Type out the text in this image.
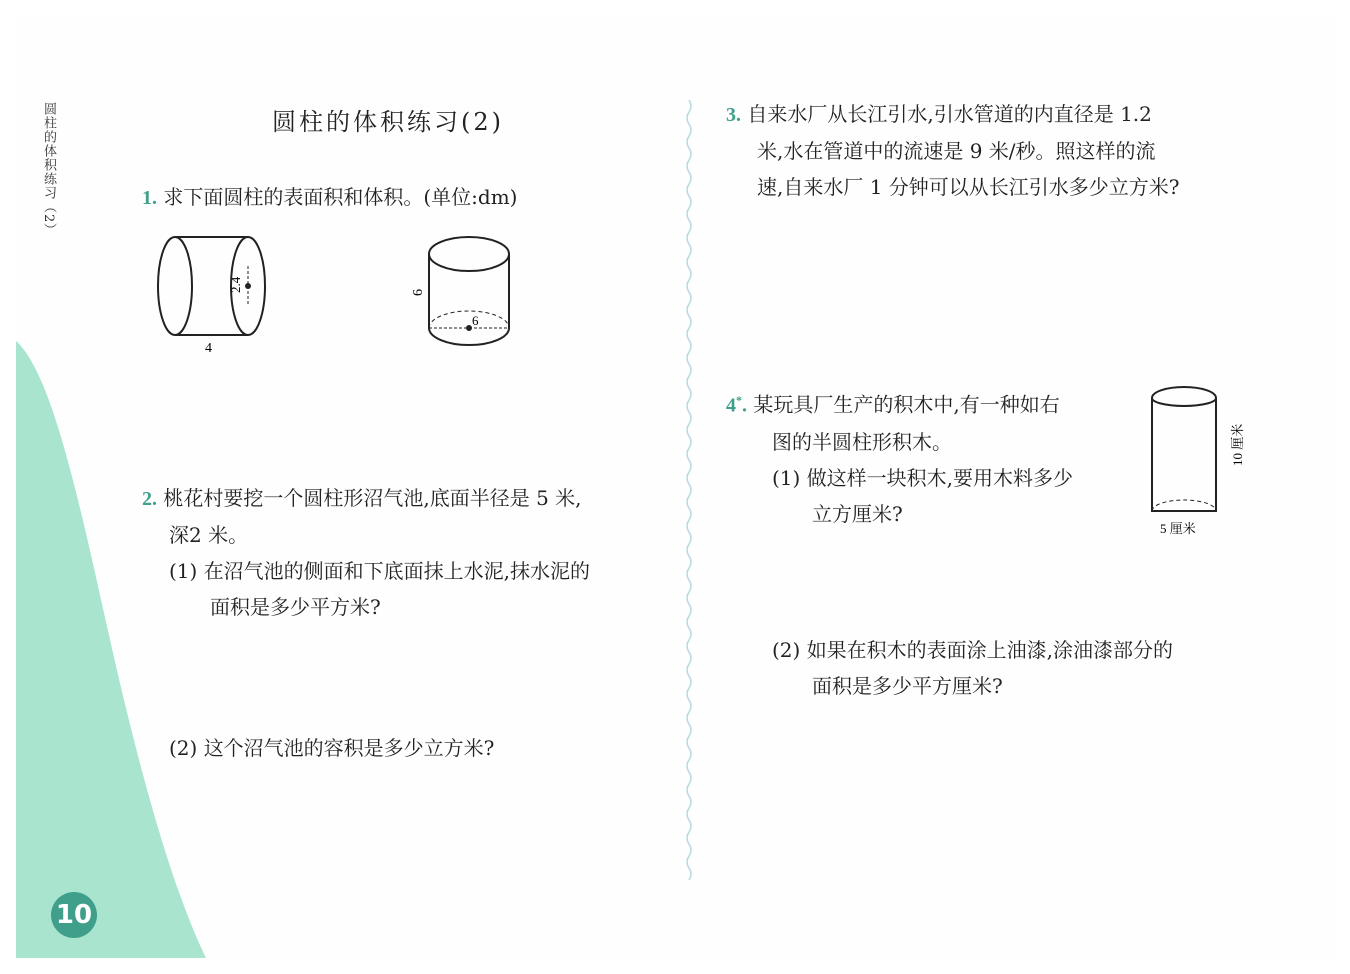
圆柱的体积练习（2）	圆柱的体积练习(2)
1. 求下面圆柱的表面积和体积。(单位:dm)
2.4
4
6
6
2. 桃花村要挖一个圆柱形沼气池,底面半径是 5 米,
深2 米。
(1) 在沼气池的侧面和下底面抹上水泥,抹水泥的
面积是多少平方米?
(2) 这个沼气池的容积是多少立方米?
3. 自来水厂从长江引水,引水管道的内直径是 1.2
米,水在管道中的流速是 9 米/秒。照这样的流
速,自来水厂 1 分钟可以从长江引水多少立方米?
4*. 某玩具厂生产的积木中,有一种如右
图的半圆柱形积木。
(1) 做这样一块积木,要用木料多少
立方厘米?
(2) 如果在积木的表面涂上油漆,涂油漆部分的
面积是多少平方厘米?
10 厘米
5 厘米
10
